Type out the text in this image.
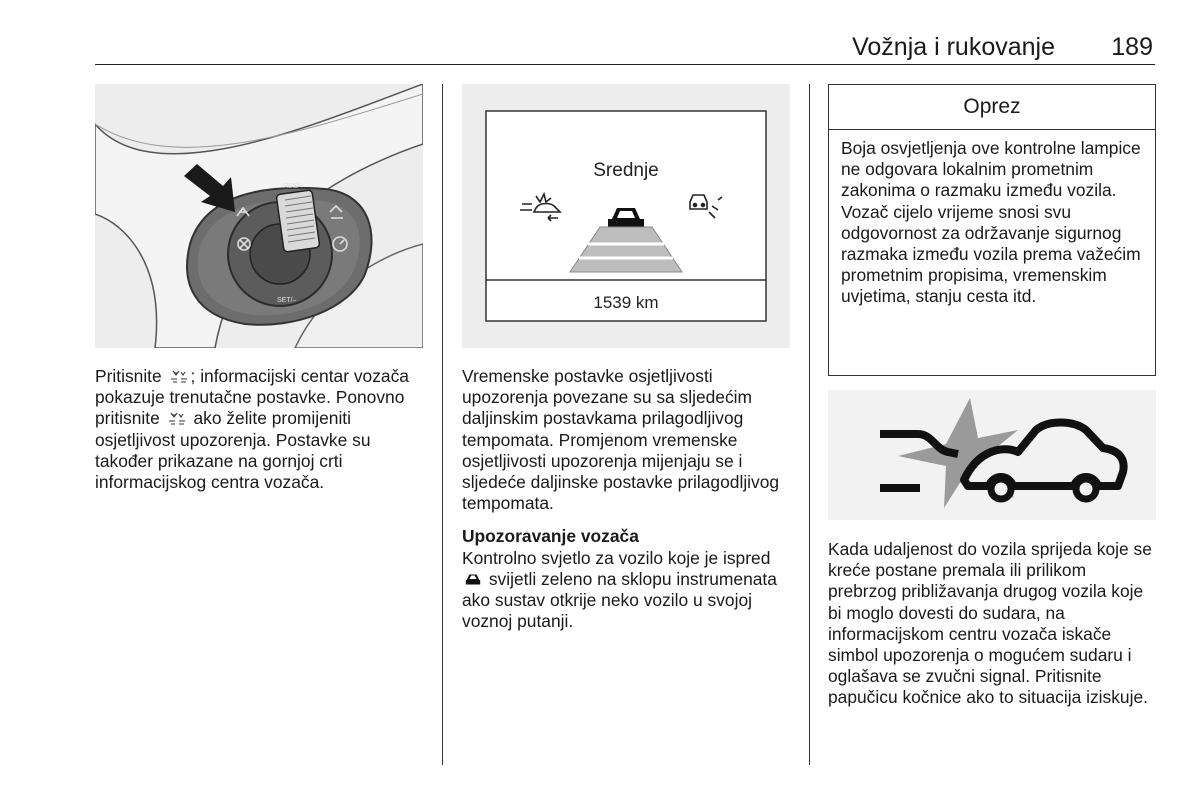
Vožnja i rukovanje 189
RES/+
SET/–

Pritisnite ; informacijski centar vozača pokazuje trenutačne postavke. Ponovno pritisnite ako želite promijeniti osjetljivost upozorenja. Postavke su također prikazane na gornjoj crti informacijskog centra vozača.

Srednje
1539 km

Vremenske postavke osjetljivosti upozorenja povezane su sa sljedećim daljinskim postavkama prilagodljivog tempomata. Promjenom vremenske osjetljivosti upozorenja mijenjaju se i sljedeće daljinske postavke prilagodljivog tempomata.

Upozoravanje vozača

Kontrolno svjetlo za vozilo koje je ispred  svijetli zeleno na sklopu instrumenata ako sustav otkrije neko vozilo u svojoj voznoj putanji.

Oprez
Boja osvjetljenja ove kontrolne lampice ne odgovara lokalnim prometnim zakonima o razmaku između vozila. Vozač cijelo vrijeme snosi svu odgovornost za održavanje sigurnog razmaka između vozila prema važećim prometnim propisima, vremenskim uvjetima, stanju cesta itd.

Kada udaljenost do vozila sprijeda koje se kreće postane premala ili prilikom prebrzog približavanja drugog vozila koje bi moglo dovesti do sudara, na informacijskom centru vozača iskače simbol upozorenja o mogućem sudaru i oglašava se zvučni signal. Pritisnite papučicu kočnice ako to situacija iziskuje.
